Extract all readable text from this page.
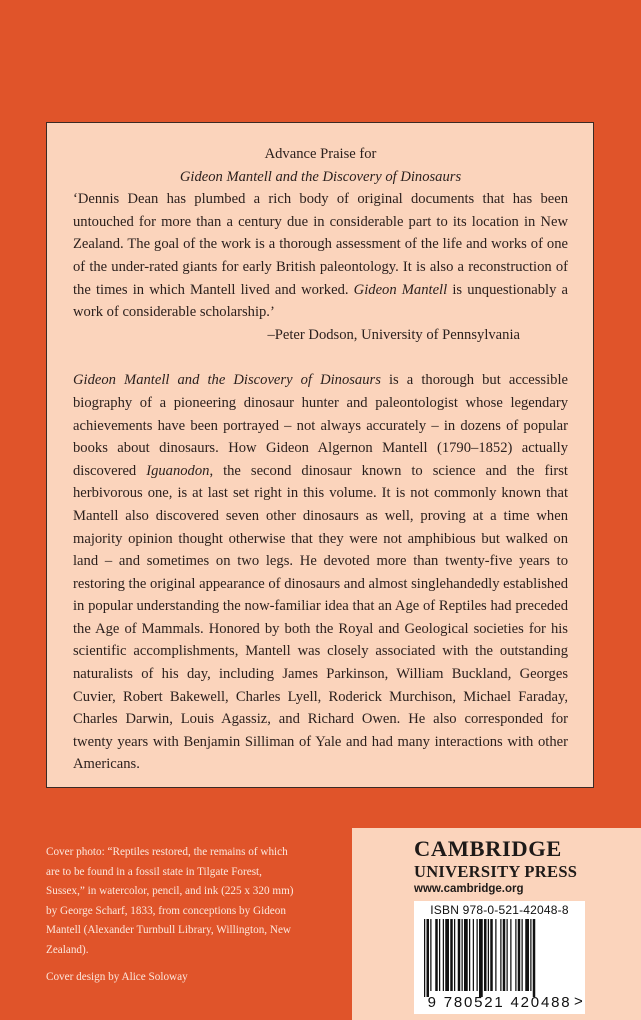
Advance Praise for

Gideon Mantell and the Discovery of Dinosaurs

‘Dennis Dean has plumbed a rich body of original documents that has been untouched for more than a century due in considerable part to its location in New Zealand. The goal of the work is a thorough assessment of the life and works of one of the under-rated giants for early British paleontology. It is also a reconstruction of the times in which Mantell lived and worked. Gideon Mantell is unquestionably a work of considerable scholarship.’

–Peter Dodson, University of Pennsylvania

Gideon Mantell and the Discovery of Dinosaurs is a thorough but accessible biography of a pioneering dinosaur hunter and paleontologist whose legendary achievements have been portrayed – not always accurately – in dozens of popular books about dinosaurs. How Gideon Algernon Mantell (1790–1852) actually discovered Iguanodon, the second dinosaur known to science and the first herbivorous one, is at last set right in this volume. It is not commonly known that Mantell also discovered seven other dinosaurs as well, proving at a time when majority opinion thought otherwise that they were not amphibious but walked on land – and sometimes on two legs. He devoted more than twenty-five years to restoring the original appearance of dinosaurs and almost singlehandedly established in popular understanding the now-familiar idea that an Age of Reptiles had preceded the Age of Mammals. Honored by both the Royal and Geological societies for his scientific accomplishments, Mantell was closely associated with the outstanding naturalists of his day, including James Parkinson, William Buckland, Georges Cuvier, Robert Bakewell, Charles Lyell, Roderick Murchison, Michael Faraday, Charles Darwin, Louis Agassiz, and Richard Owen. He also corresponded for twenty years with Benjamin Silliman of Yale and had many interactions with other Americans.

Cover photo: “Reptiles restored, the remains of which are to be found in a fossil state in Tilgate Forest, Sussex,” in watercolor, pencil, and ink (225 x 320 mm) by George Scharf, 1833, from conceptions by Gideon Mantell (Alexander Turnbull Library, Willington, New Zealand).

Cover design by Alice Soloway

CAMBRIDGE
UNIVERSITY PRESS
www.cambridge.org
ISBN 978-0-521-42048-8
9 780521 420488 >
